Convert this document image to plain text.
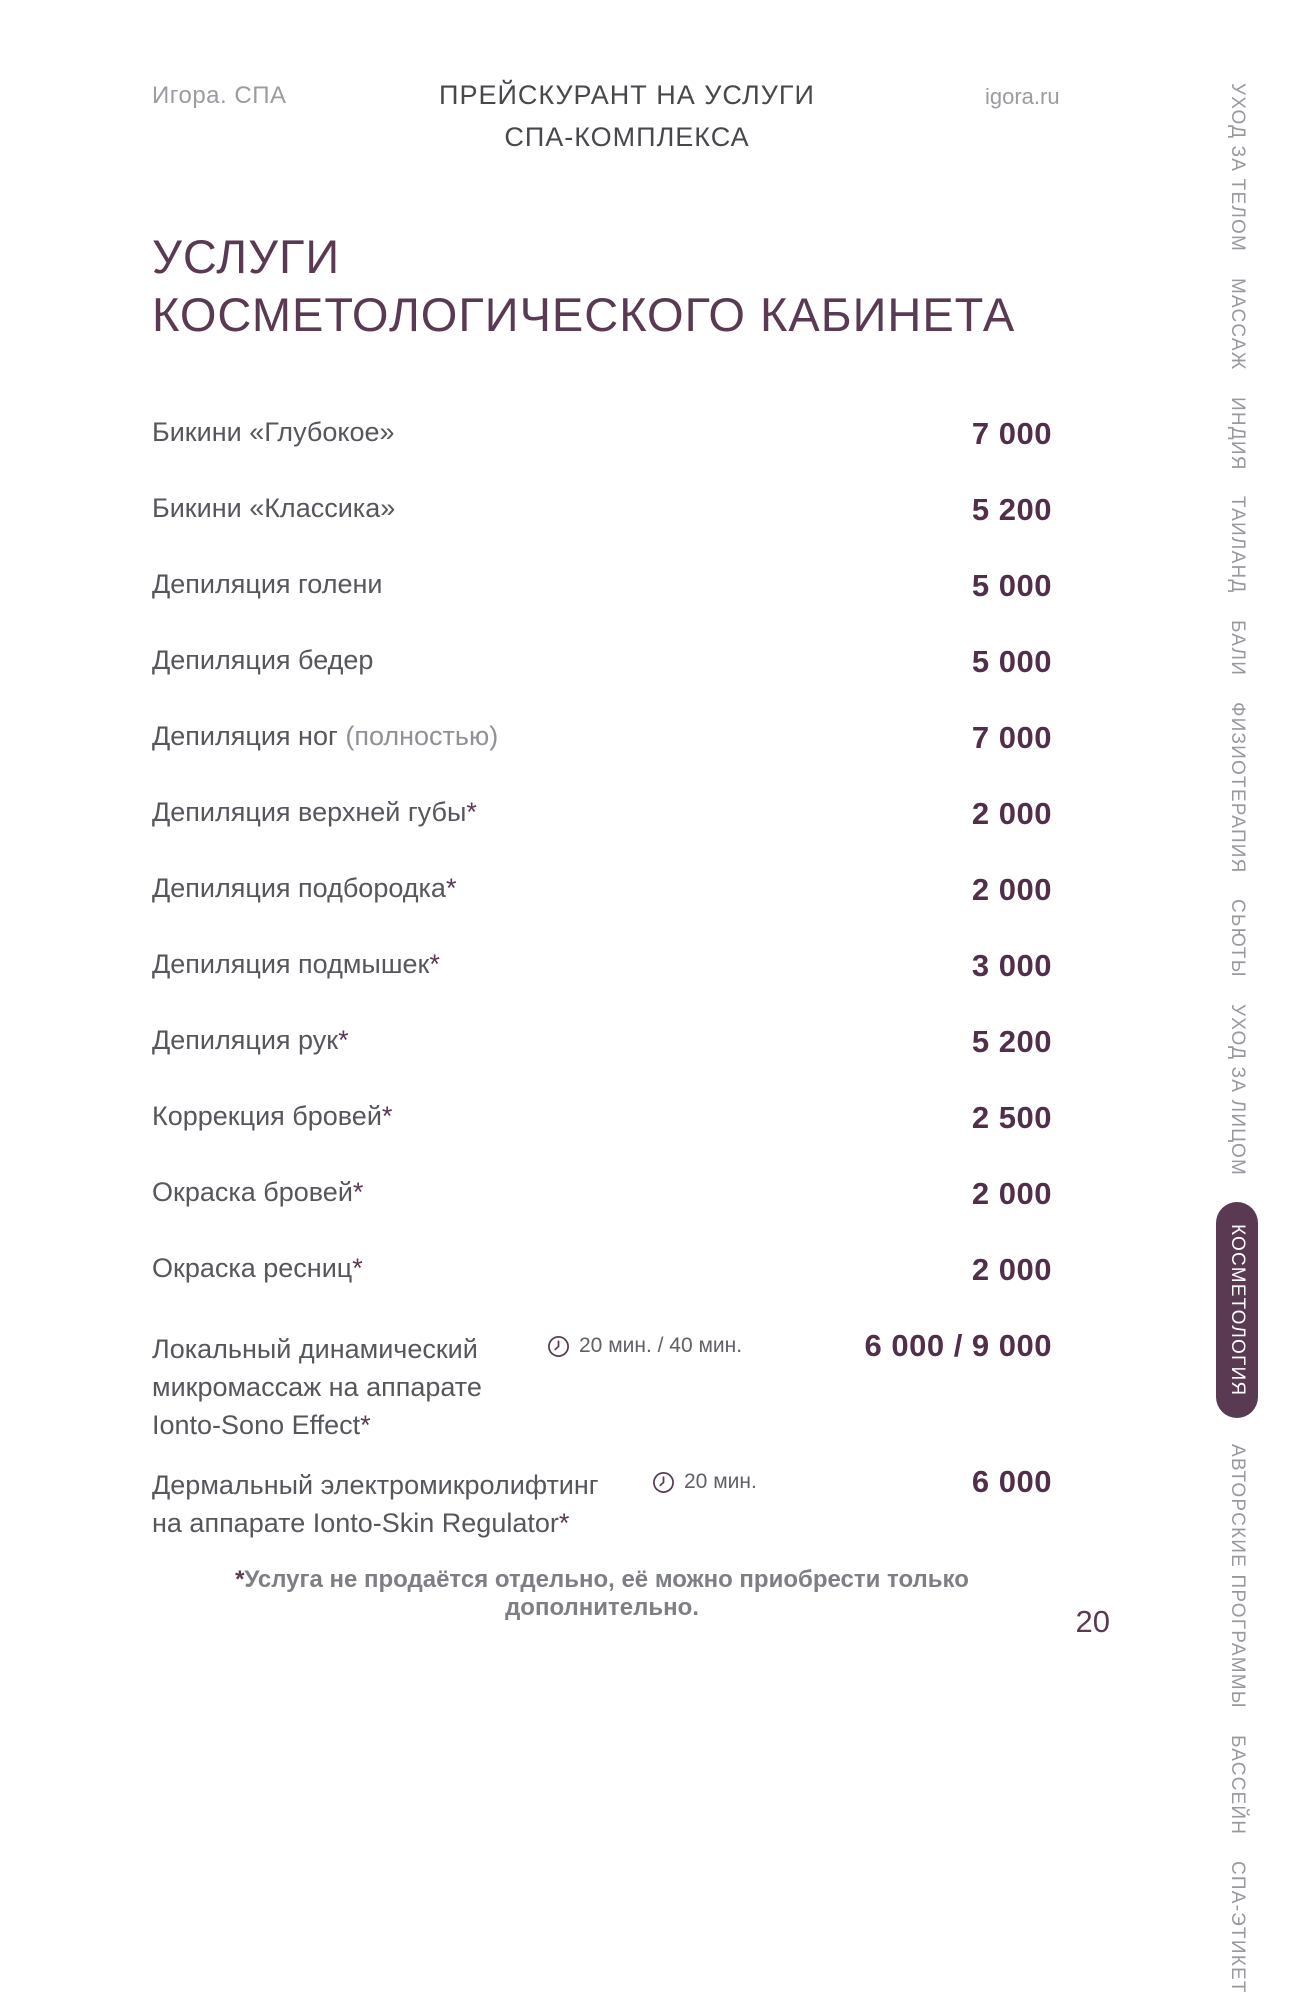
Игора. СПА	ПРЕЙСКУРАНТ НА УСЛУГИ
СПА-КОМПЛЕКСА
igora.ru
УСЛУГИ
КОСМЕТОЛОГИЧЕСКОГО КАБИНЕТА
Бикини «Глубокое»	7 000
Бикини «Классика»	5 200
Депиляция голени	5 000
Депиляция бедер	5 000
Депиляция ног (полностью)	7 000
Депиляция верхней губы*	2 000
Депиляция подбородка*	2 000
Депиляция подмышек*	3 000
Депиляция рук*	5 200
Коррекция бровей*	2 500
Окраска бровей*	2 000
Окраска ресниц*	2 000
Локальный динамический
микромассаж на аппарате
Ionto-Sono Effect*
20 мин. / 40 мин.	6 000 / 9 000
Дермальный электромикролифтинг
на аппарате Ionto-Skin Regulator*
20 мин.	6 000
*Услуга не продаётся отдельно, её можно приобрести только дополнительно.	20
УХОД ЗА ТЕЛОМ
МАССАЖ
ИНДИЯ
ТАИЛАНД
БАЛИ
ФИЗИОТЕРАПИЯ
СЬЮТЫ
УХОД ЗА ЛИЦОМ
КОСМЕТОЛОГИЯ
АВТОРСКИЕ ПРОГРАММЫ
БАССЕЙН
СПА-ЭТИКЕТ
